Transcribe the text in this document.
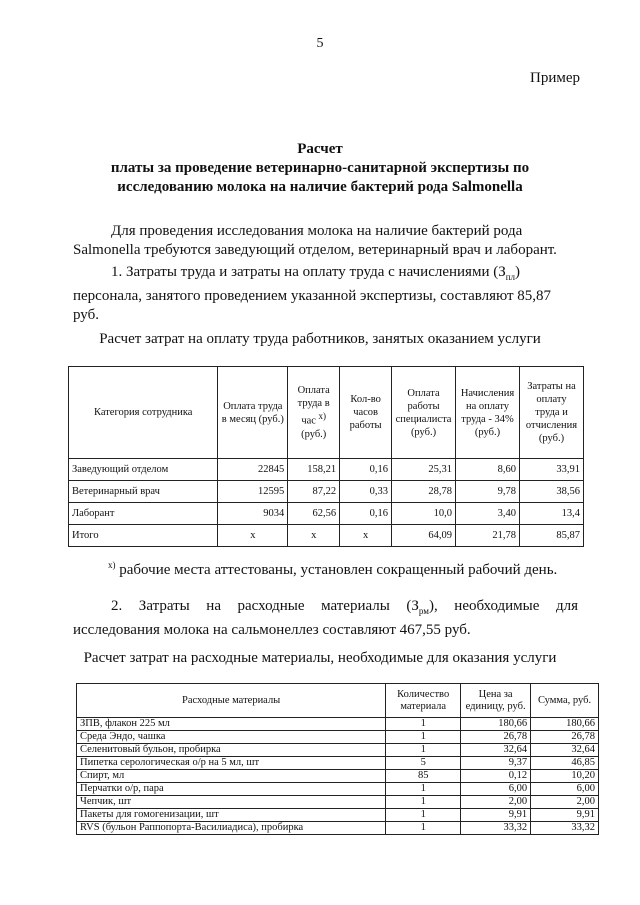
5
Пример
Расчет
платы за проведение ветеринарно-санитарной экспертизы по
исследованию молока на наличие бактерий рода Salmonella
Для проведения исследования молока на наличие бактерий рода
Salmonella требуются заведующий отделом, ветеринарный врач и лаборант.
1. Затраты труда и затраты на оплату труда с начислениями $(З_{пл})$
персонала, занятого проведением указанной экспертизы, составляют 85,87
руб.
Расчет затрат на оплату труда работников, занятых оказанием услуги
Категория сотрудника	Оплата труда в месяц (руб.)	Оплата труда в час $^{х)}$
(руб.)	Кол-во часов работы	Оплата работы специалиста (руб.)	Начисления на оплату труда - 34% (руб.)	Затраты на оплату труда и отчисления (руб.)
Заведующий отделом	22845	158,21	0,16	25,31	8,60	33,91
Ветеринарный врач	12595	87,22	0,33	28,78	9,78	38,56
Лаборант	9034	62,56	0,16	10,0	3,40	13,4
Итого	х	х	х	64,09	21,78	85,87
$^{х)}$ рабочие места аттестованы, установлен сокращенный рабочий день.
2. Затраты на расходные материалы $(З_{рм})$, необходимые для
исследования молока на сальмонеллез составляют 467,55 руб.
Расчет затрат на расходные материалы, необходимые для оказания услуги
Расходные материалы	Количество материала	Цена за единицу, руб.	Сумма, руб.
ЗПВ, флакон 225 мл	1	180,66	180,66
Среда Эндо, чашка	1	26,78	26,78
Селенитовый бульон, пробирка	1	32,64	32,64
Пипетка серологическая о/р на 5 мл, шт	5	9,37	46,85
Спирт, мл	85	0,12	10,20
Перчатки о/р, пара	1	6,00	6,00
Чепчик, шт	1	2,00	2,00
Пакеты для гомогенизации, шт	1	9,91	9,91
RVS (бульон Раппопорта-Василиадиса), пробирка	1	33,32	33,32
